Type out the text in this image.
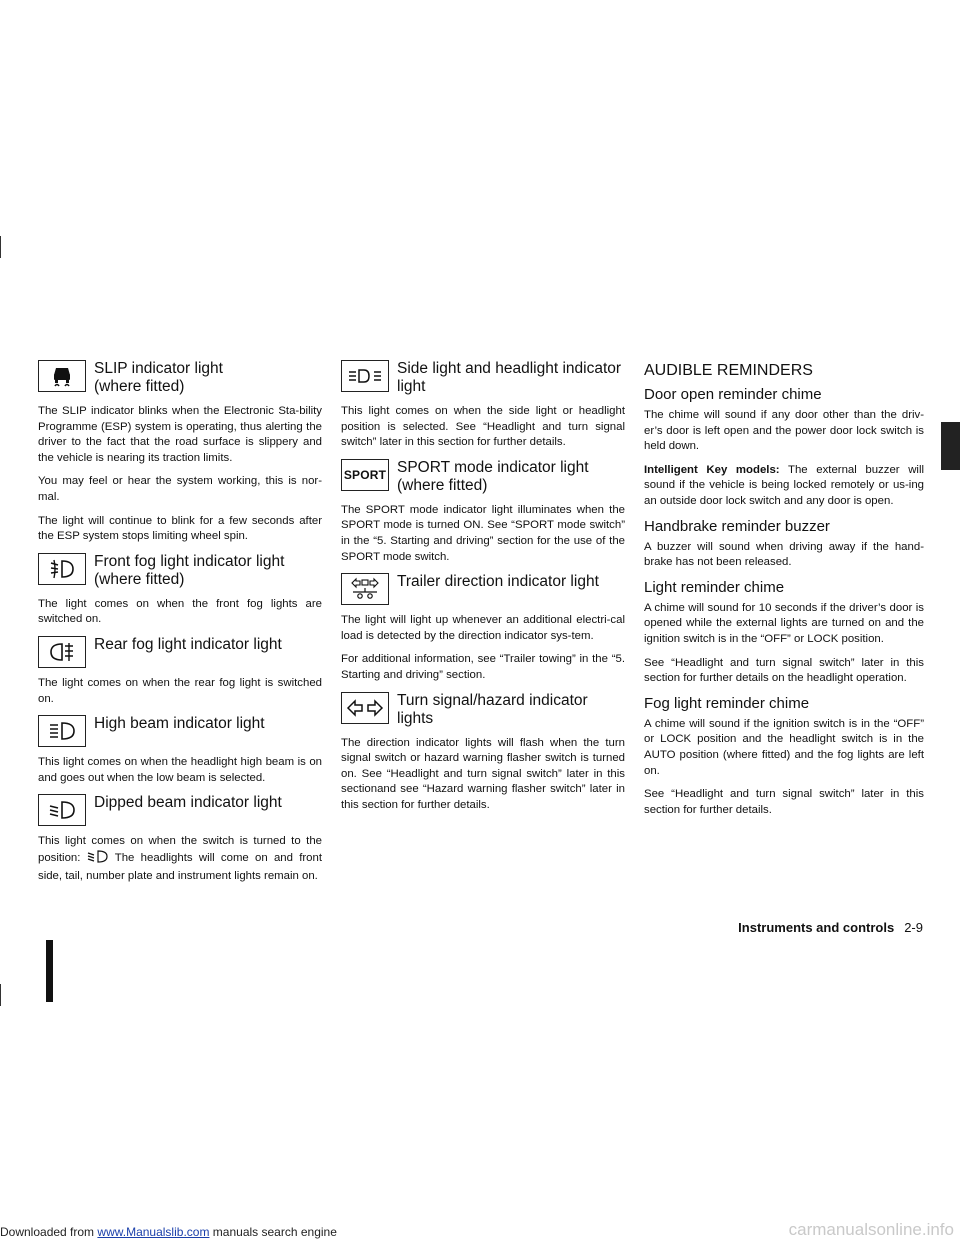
SLIP indicator light
(where fitted)

The SLIP indicator blinks when the Electronic Sta-bility Programme (ESP) system is operating, thus alerting the driver to the fact that the road surface is slippery and the vehicle is nearing its traction limits.

You may feel or hear the system working, this is nor-mal.

The light will continue to blink for a few seconds after the ESP system stops limiting wheel spin.

Front fog light indicator light
(where fitted)

The light comes on when the front fog lights are switched on.

Rear fog light indicator light

The light comes on when the rear fog light is switched on.

High beam indicator light

This light comes on when the headlight high beam is on and goes out when the low beam is selected.

Dipped beam indicator light

This light comes on when the switch is turned to the position:	The headlights will come on and front side, tail, number plate and instrument lights remain on.

Side light and headlight indicator
light

This light comes on when the side light or headlight position is selected. See “Headlight and turn signal switch” later in this section for further details.

SPORT SPORT mode indicator light
(where fitted)

The SPORT mode indicator light illuminates when the SPORT mode is turned ON. See “SPORT mode switch” in the “5. Starting and driving” section for the use of the SPORT mode switch.

Trailer direction indicator light

The light will light up whenever an additional electri-cal load is detected by the direction indicator sys-tem.

For additional information, see “Trailer towing” in the “5. Starting and driving” section.

Turn signal/hazard indicator
lights

The direction indicator lights will flash when the turn signal switch or hazard warning flasher switch is turned on. See “Headlight and turn signal switch” later in this sectionand see “Hazard warning flasher switch” later in this section for further details.

AUDIBLE REMINDERS
Door open reminder chime

The chime will sound if any door other than the driv-er’s door is left open and the power door lock switch is held down.

Intelligent Key models: The external buzzer will sound if the vehicle is being locked remotely or us-ing an outside door lock switch and any door is open.

Handbrake reminder buzzer

A buzzer will sound when driving away if the hand-brake has not been released.

Light reminder chime

A chime will sound for 10 seconds if the driver’s door is opened while the external lights are turned on and the ignition switch is in the “OFF” or LOCK position.

See “Headlight and turn signal switch” later in this section for further details on the headlight operation.

Fog light reminder chime

A chime will sound if the ignition switch is in the “OFF” or LOCK position and the headlight switch is in the AUTO position (where fitted) and the fog lights are left on.

See “Headlight and turn signal switch” later in this section for further details.

Instruments and controls 2-9
Downloaded from www.Manualslib.com manuals search engine	carmanualsonline.info
